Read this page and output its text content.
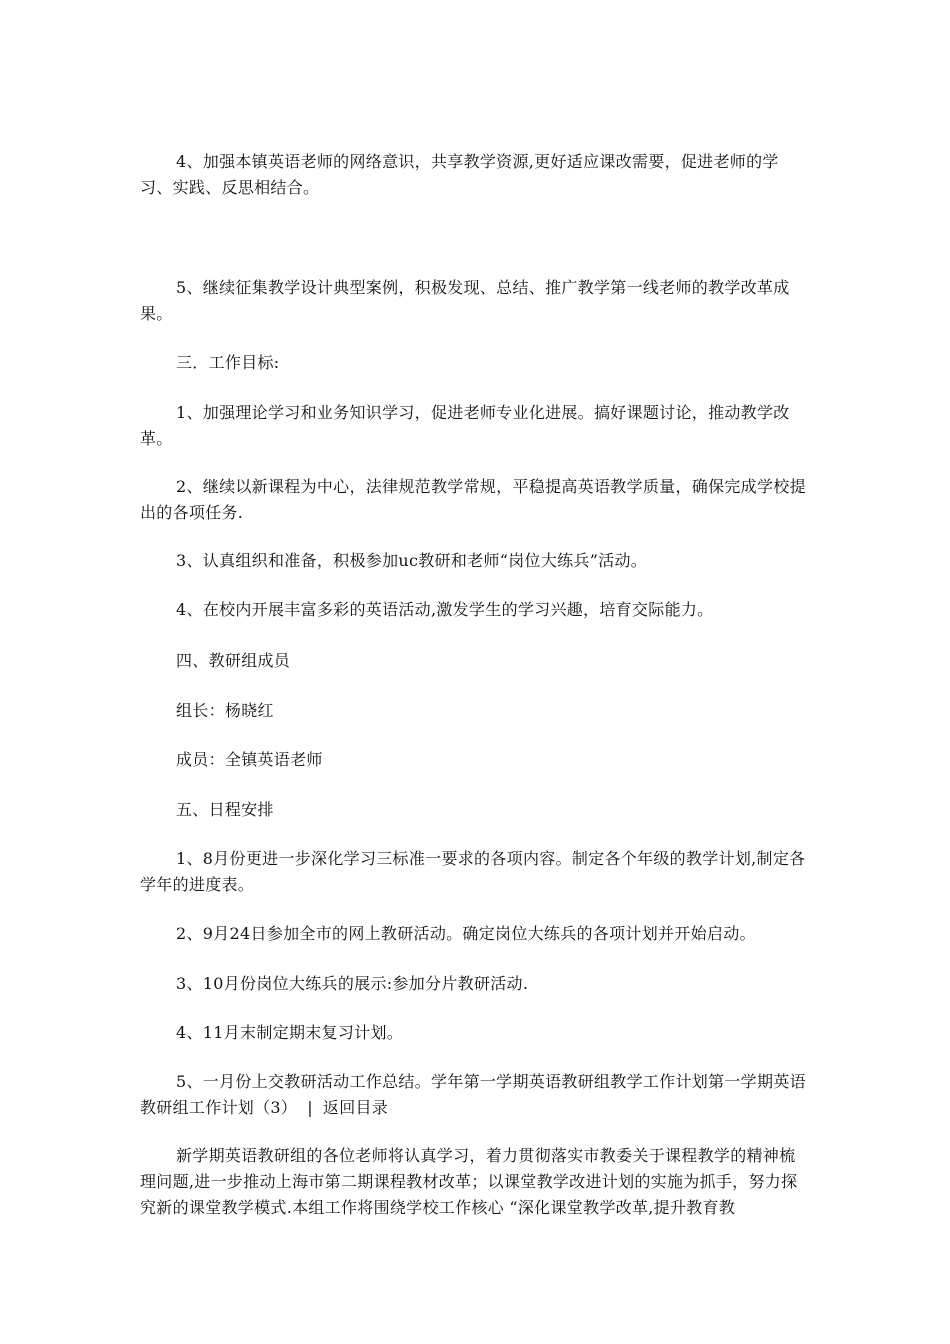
4、加强本镇英语老师的网络意识，共享教学资源,更好适应课改需要，促进老师的学习、实践、反思相结合。

5、继续征集教学设计典型案例，积极发现、总结、推广教学第一线老师的教学改革成果。

三．工作目标:

1、加强理论学习和业务知识学习，促进老师专业化进展。搞好课题讨论，推动教学改革。

2、继续以新课程为中心，法律规范教学常规，平稳提高英语教学质量，确保完成学校提出的各项任务.

3、认真组织和准备，积极参加uc教研和老师“岗位大练兵”活动。

4、在校内开展丰富多彩的英语活动,激发学生的学习兴趣，培育交际能力。

四、教研组成员

组长：杨晓红

成员：全镇英语老师

五、日程安排

1、8月份更进一步深化学习三标准一要求的各项内容。制定各个年级的教学计划,制定各学年的进度表。

2、9月24日参加全市的网上教研活动。确定岗位大练兵的各项计划并开始启动。

3、10月份岗位大练兵的展示:参加分片教研活动.

4、11月末制定期末复习计划。

5、一月份上交教研活动工作总结。学年第一学期英语教研组教学工作计划第一学期英语教研组工作计划（3） | 返回目录

新学期英语教研组的各位老师将认真学习，着力贯彻落实市教委关于课程教学的精神梳理问题,进一步推动上海市第二期课程教材改革；以课堂教学改进计划的实施为抓手，努力探究新的课堂教学模式.本组工作将围绕学校工作核心 “深化课堂教学改革,提升教育教
